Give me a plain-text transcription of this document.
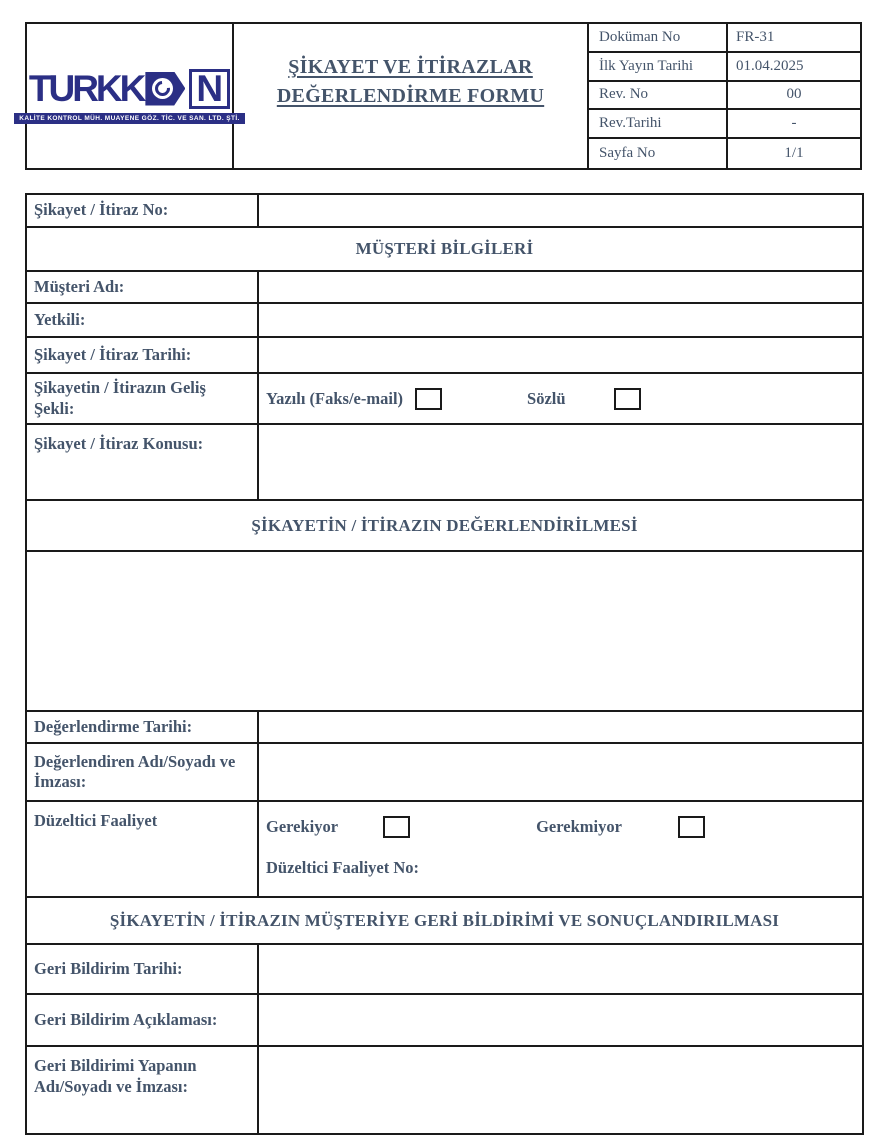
TURKK N
KALİTE KONTROL MÜH. MUAYENE GÖZ. TİC. VE SAN. LTD. ŞTİ.
ŞİKAYET VE İTİRAZLAR
DEĞERLENDİRME FORMU
Doküman No	FR-31
İlk Yayın Tarihi	01.04.2025
Rev. No	00
Rev.Tarihi	-
Sayfa No	1/1
Şikayet / İtiraz No:	
MÜŞTERİ BİLGİLERİ	
Müşteri Adı:	
Yetkili:	
Şikayet / İtiraz Tarihi:	
Şikayetin / İtirazın Geliş Şekli:	Yazılı (Faks/e-mail) Sözlü

Şikayet / İtiraz Konusu:	
ŞİKAYETİN / İTİRAZIN DEĞERLENDİRİLMESİ	

Değerlendirme Tarihi:	
Değerlendiren Adı/Soyadı ve İmzası:	
Düzeltici Faaliyet	Gerekiyor Gerekmiyor
Düzeltici Faaliyet No:

ŞİKAYETİN / İTİRAZIN MÜŞTERİYE GERİ BİLDİRİMİ VE SONUÇLANDIRILMASI	
Geri Bildirim Tarihi:	
Geri Bildirim Açıklaması:	
Geri Bildirimi Yapanın Adı/Soyadı ve İmzası:	
